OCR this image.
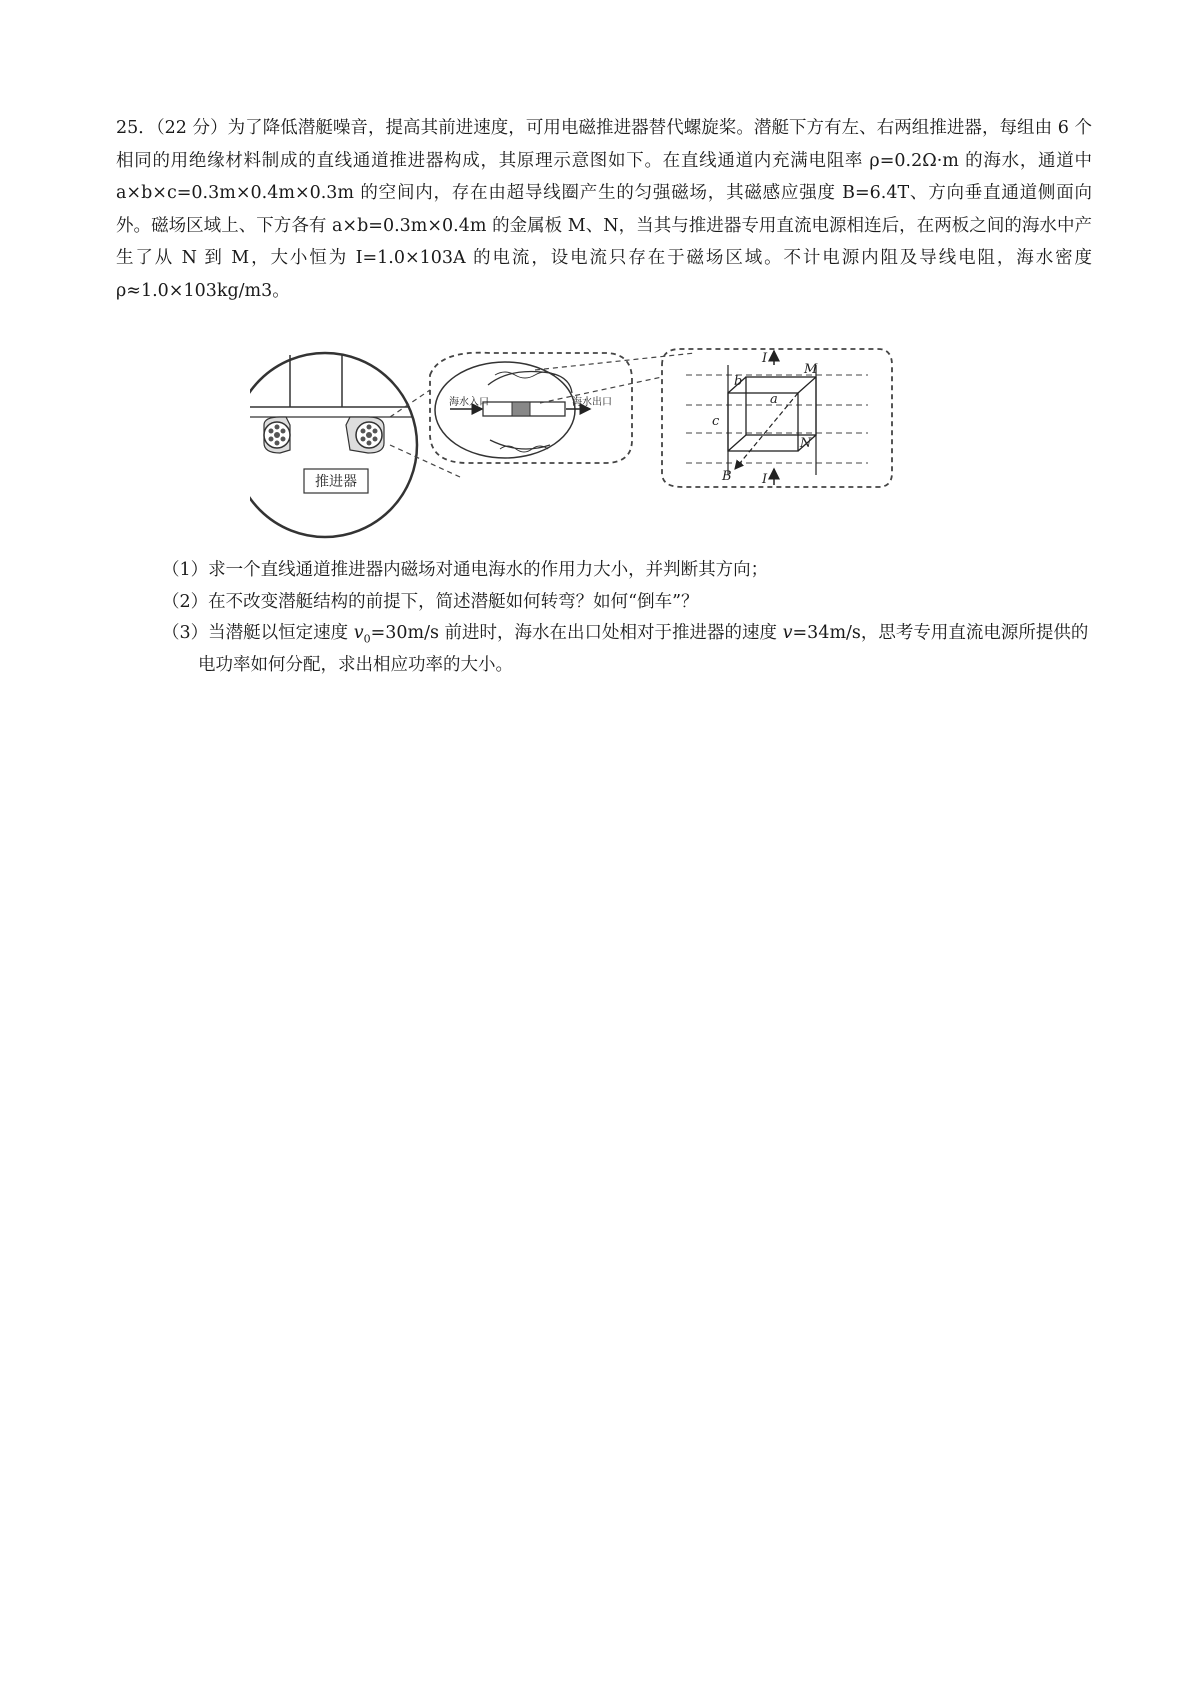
25．（22 分）为了降低潜艇噪音，提高其前进速度，可用电磁推进器替代螺旋桨。潜艇下方有左、右两组推进器，每组由 6 个相同的用绝缘材料制成的直线通道推进器构成，其原理示意图如下。在直线通道内充满电阻率 ρ=0.2Ω·m 的海水，通道中 a×b×c=0.3m×0.4m×0.3m 的空间内，存在由超导线圈产生的匀强磁场，其磁感应强度 B=6.4T、方向垂直通道侧面向外。磁场区域上、下方各有 a×b=0.3m×0.4m 的金属板 M、N，当其与推进器专用直流电源相连后，在两板之间的海水中产生了从 N 到 M，大小恒为 I=1.0×103A 的电流，设电流只存在于磁场区域。不计电源内阻及导线电阻，海水密度 ρ≈1.0×103kg/m3。

推进器
海水入口	海水出口
I
I
M
N
a
b
c
B

（1）求一个直线通道推进器内磁场对通电海水的作用力大小，并判断其方向；

（2）在不改变潜艇结构的前提下，简述潜艇如何转弯？如何“倒车”？

（3）当潜艇以恒定速度 $v_0=30m/s$ 前进时，海水在出口处相对于推进器的速度 v=34m/s，思考专用直流电源所提供的电功率如何分配，求出相应功率的大小。
